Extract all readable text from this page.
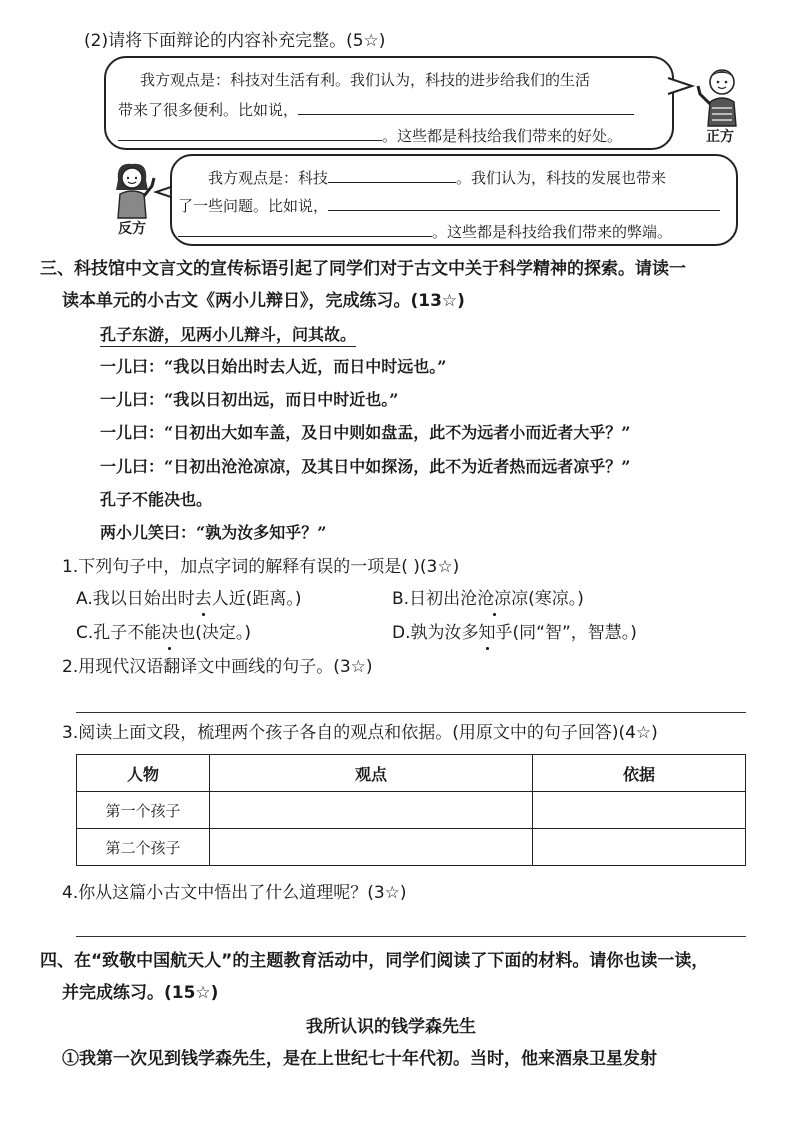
(2)请将下面辩论的内容补充完整。(5☆)
我方观点是：科技对生活有利。我们认为，科技的进步给我们的生活
带来了很多便利。比如说，
。这些都是科技给我们带来的好处。	正方
反方
我方观点是：科技	。我们认为，科技的发展也带来
了一些问题。比如说，
。这些都是科技给我们带来的弊端。
三、科技馆中文言文的宣传标语引起了同学们对于古文中关于科学精神的探索。请读一
读本单元的小古文《两小儿辩日》，完成练习。(13☆)
孔子东游，见两小儿辩斗，问其故。
一儿曰：“我以日始出时去人近，而日中时远也。”
一儿曰：“我以日初出远，而日中时近也。”
一儿曰：“日初出大如车盖，及日中则如盘盂，此不为远者小而近者大乎？”
一儿曰：“日初出沧沧凉凉，及其日中如探汤，此不为近者热而远者凉乎？”
孔子不能决也。
两小儿笑曰：“孰为汝多知乎？”
1.下列句子中，加点字词的解释有误的一项是( )(3☆)
A.我以日始出时去人近(距离。)	B.日初出沧沧凉凉(寒凉。)
C.孔子不能决也(决定。)	D.孰为汝多知乎(同“智”，智慧。)
2.用现代汉语翻译文中画线的句子。(3☆)
3.阅读上面文段，梳理两个孩子各自的观点和依据。(用原文中的句子回答)(4☆)
人物	观点	依据
第一个孩子		
第二个孩子		
4.你从这篇小古文中悟出了什么道理呢？(3☆)
四、在“致敬中国航天人”的主题教育活动中，同学们阅读了下面的材料。请你也读一读，
并完成练习。(15☆)
我所认识的钱学森先生
①我第一次见到钱学森先生，是在上世纪七十年代初。当时，他来酒泉卫星发射
